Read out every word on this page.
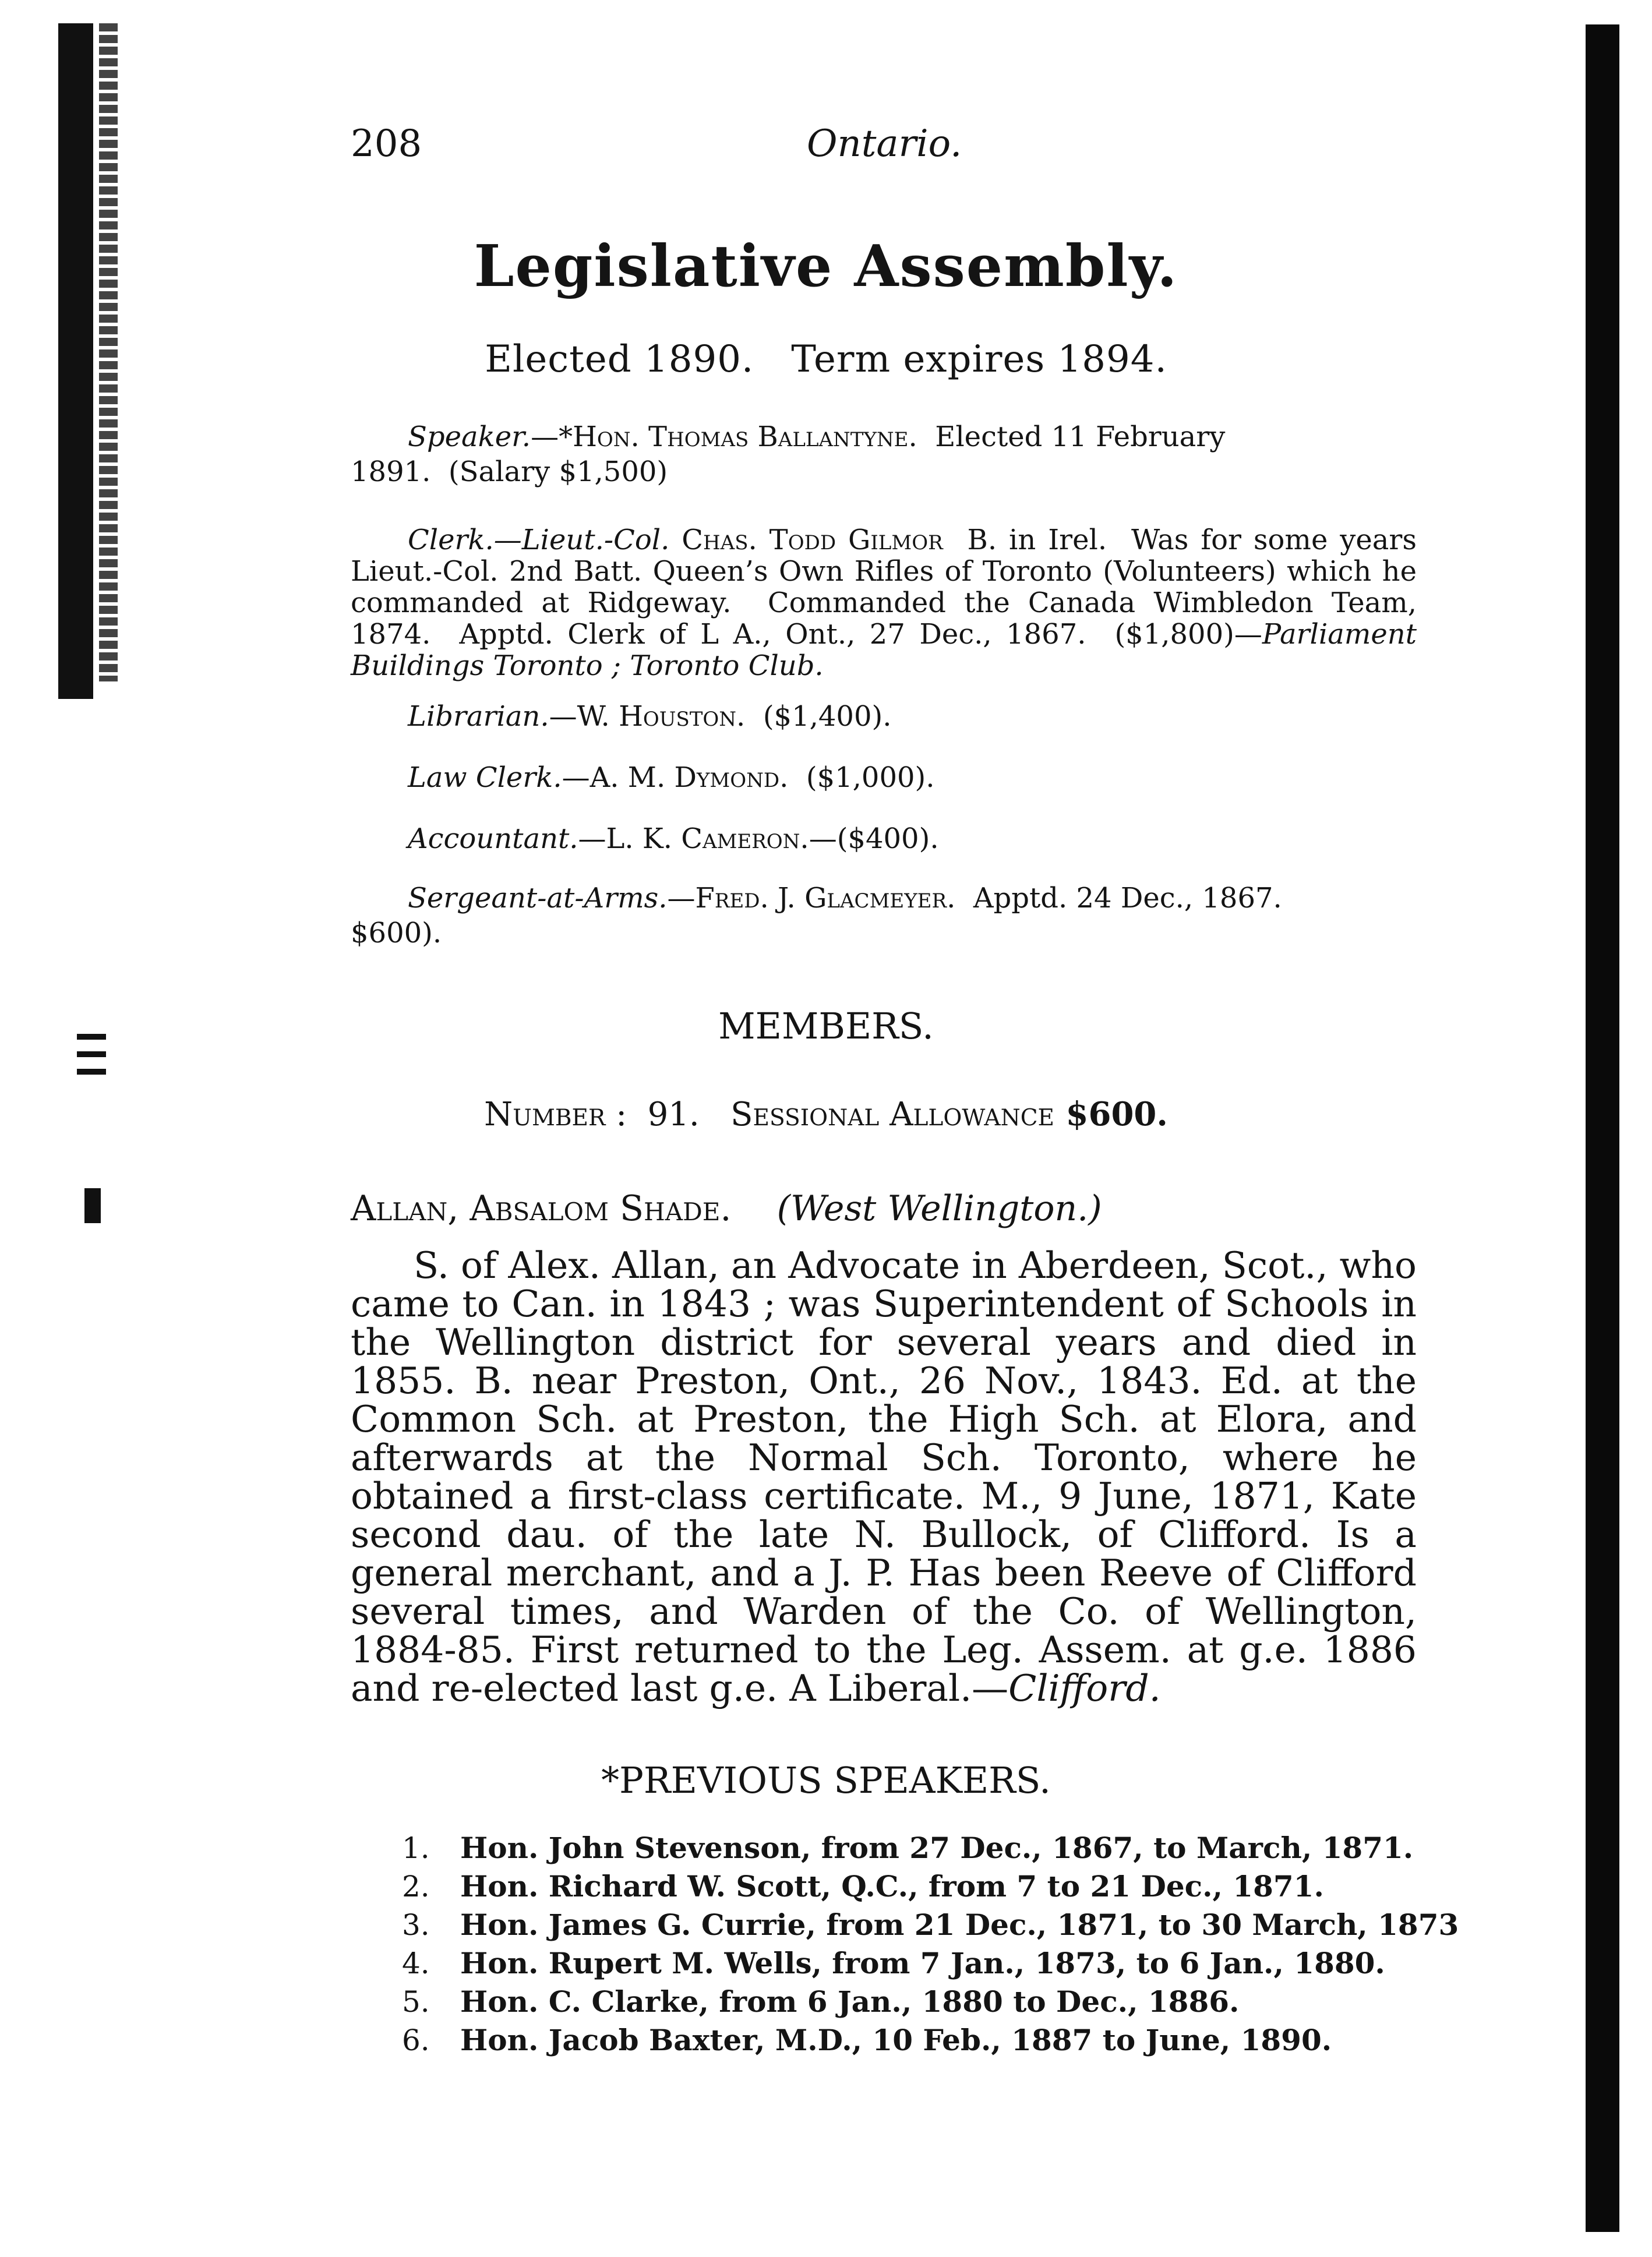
208	Ontario.
Legislative Assembly.
Elected 1890.   Term expires 1894.
Speaker.—*Hon. Thomas Ballantyne.  Elected 11 February
1891.  (Salary $1,500)
Clerk.—Lieut.-Col. Chas. Todd Gilmor  B. in Irel.  Was for some years Lieut.-Col. 2nd Batt. Queen’s Own Rifles of Toronto (Volunteers) which he commanded at Ridgeway.  Commanded the Canada Wimbledon Team, 1874.  Apptd. Clerk of L A., Ont., 27 Dec., 1867.  ($1,800)—Parliament Buildings Toronto ; Toronto Club.
Librarian.—W. Houston.  ($1,400).
Law Clerk.—A. M. Dymond.  ($1,000).
Accountant.—L. K. Cameron.—($400).
Sergeant-at-Arms.—Fred. J. Glacmeyer.  Apptd. 24 Dec., 1867.
$600).
MEMBERS.
Number :  91.   Sessional Allowance $600.
Allan, Absalom Shade. (West Wellington.)
S. of Alex. Allan, an Advocate in Aberdeen, Scot., who came to Can. in 1843 ; was Superintendent of Schools in the Wellington district for several years and died in 1855. B. near Preston, Ont., 26 Nov., 1843. Ed. at the Common Sch. at Preston, the High Sch. at Elora, and afterwards at the Normal Sch. Toronto, where he obtained a first-class certificate. M., 9 June, 1871, Kate second dau. of the late N. Bullock, of Clifford. Is a general merchant, and a J. P. Has been Reeve of Clifford several times, and Warden of the Co. of Wellington, 1884-85. First returned to the Leg. Assem. at g.e. 1886 and re-elected last g.e. A Liberal.—Clifford.
*PREVIOUS SPEAKERS.
1. Hon. John Stevenson, from 27 Dec., 1867, to March, 1871.
2. Hon. Richard W. Scott, Q.C., from 7 to 21 Dec., 1871.
3. Hon. James G. Currie, from 21 Dec., 1871, to 30 March, 1873
4. Hon. Rupert M. Wells, from 7 Jan., 1873, to 6 Jan., 1880.
5. Hon. C. Clarke, from 6 Jan., 1880 to Dec., 1886.
6. Hon. Jacob Baxter, M.D., 10 Feb., 1887 to June, 1890.
